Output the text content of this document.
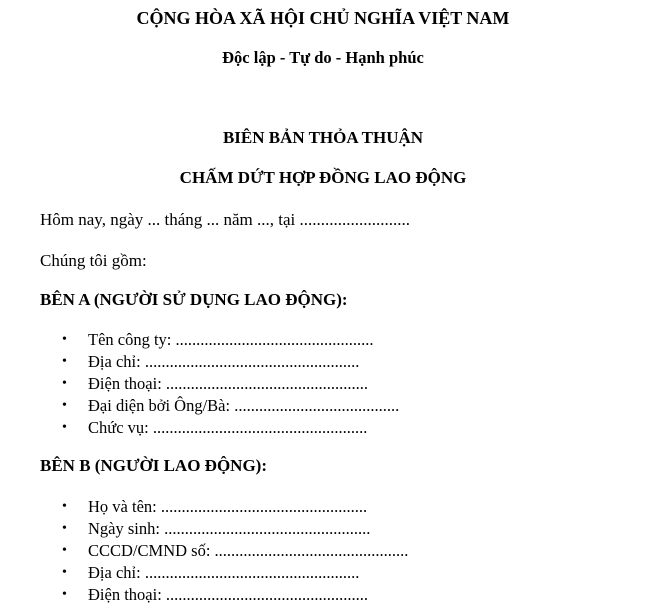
CỘNG HÒA XÃ HỘI CHỦ NGHĨA VIỆT NAM
Độc lập - Tự do - Hạnh phúc
BIÊN BẢN THỎA THUẬN
CHẤM DỨT HỢP ĐỒNG LAO ĐỘNG
Hôm nay, ngày ... tháng ... năm ..., tại ..........................
Chúng tôi gồm:
BÊN A (NGƯỜI SỬ DỤNG LAO ĐỘNG):
• Tên công ty: ................................................
• Địa chỉ: ....................................................
• Điện thoại: .................................................
• Đại diện bởi Ông/Bà: ........................................
• Chức vụ: ....................................................
BÊN B (NGƯỜI LAO ĐỘNG):
• Họ và tên: ..................................................
• Ngày sinh: ..................................................
• CCCD/CMND số: ...............................................
• Địa chỉ: ....................................................
• Điện thoại: .................................................
